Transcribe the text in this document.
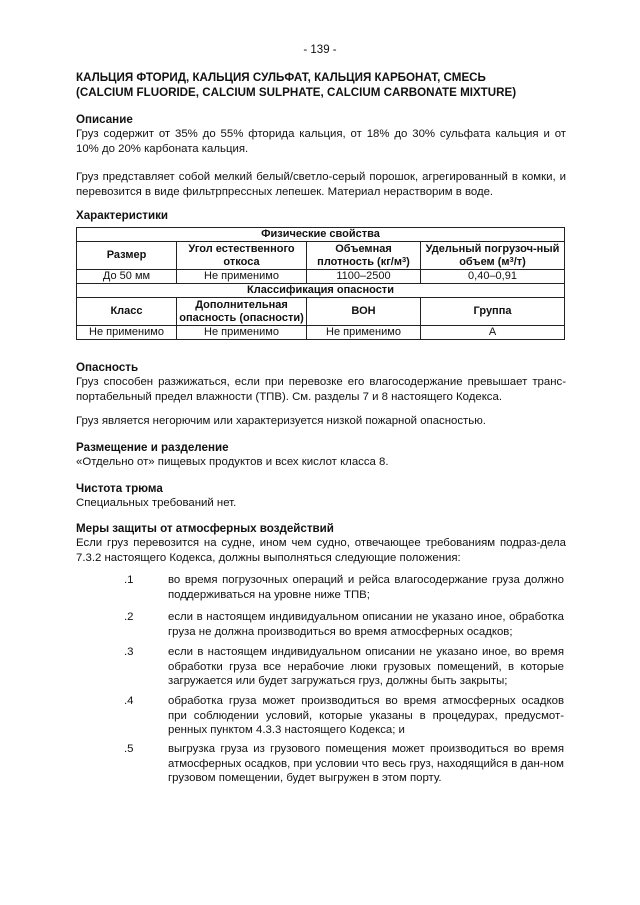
- 139 -
КАЛЬЦИЯ ФТОРИД, КАЛЬЦИЯ СУЛЬФАТ, КАЛЬЦИЯ КАРБОНАТ, СМЕСЬ
(CALCIUM FLUORIDE, CALCIUM SULPHATE, CALCIUM CARBONATE MIXTURE)
Описание
Груз содержит от 35% до 55% фторида кальция, от 18% до 30% сульфата кальция и от 10% до 20% карбоната кальция.
Груз представляет собой мелкий белый/светло-серый порошок, агрегированный в комки, и перевозится в виде фильтрпрессных лепешек. Материал нерастворим в воде.
Характеристики
Физические свойства			
Размер	Угол естественного откоса	Объемная плотность $(кг/м^3)$	Удельный погрузоч-ный объем $(м^3/т)$
До 50 мм	Не применимо	1100–2500	0,40–0,91
Классификация опасности			
Класс	Дополнительная опасность (опасности)	ВОН	Группа
Не применимо	Не применимо	Не применимо	А
Опасность
Груз способен разжижаться, если при перевозке его влагосодержание превышает транс-портабельный предел влажности (ТПВ). См. разделы 7 и 8 настоящего Кодекса.
Груз является негорючим или характеризуется низкой пожарной опасностью.
Размещение и разделение
«Отдельно от» пищевых продуктов и всех кислот класса 8.
Чистота трюма
Специальных требований нет.
Меры защиты от атмосферных воздействий
Если груз перевозится на судне, ином чем судно, отвечающее требованиям подраз-дела 7.3.2 настоящего Кодекса, должны выполняться следующие положения:
.1	во время погрузочных операций и рейса влагосодержание груза должно поддерживаться на уровне ниже ТПВ;
.2	если в настоящем индивидуальном описании не указано иное, обработка груза не должна производиться во время атмосферных осадков;
.3	если в настоящем индивидуальном описании не указано иное, во время обработки груза все нерабочие люки грузовых помещений, в которые загружается или будет загружаться груз, должны быть закрыты;
.4	обработка груза может производиться во время атмосферных осадков при соблюдении условий, которые указаны в процедурах, предусмот-ренных пунктом 4.3.3 настоящего Кодекса; и
.5	выгрузка груза из грузового помещения может производиться во время атмосферных осадков, при условии что весь груз, находящийся в дан-ном грузовом помещении, будет выгружен в этом порту.
